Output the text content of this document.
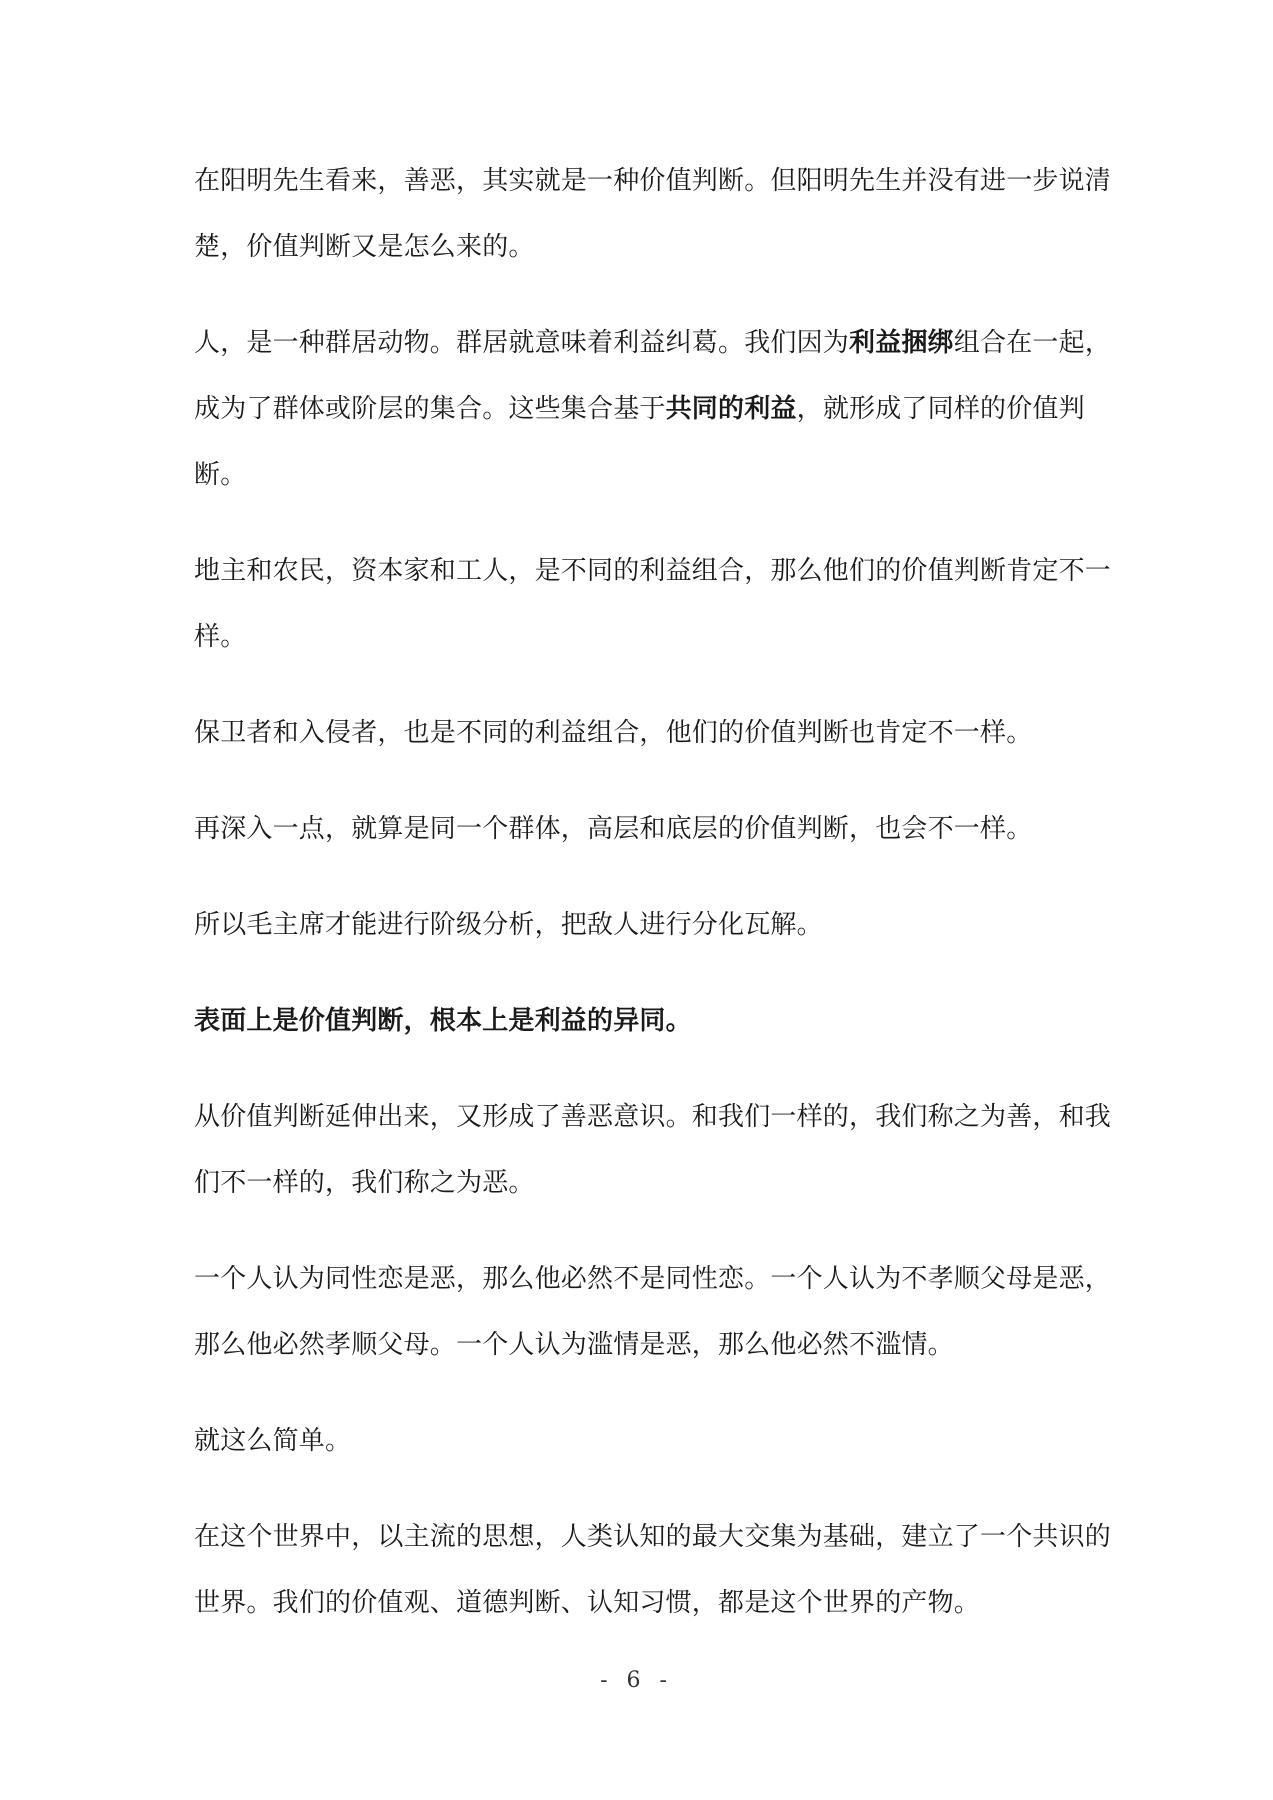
在阳明先生看来，善恶，其实就是一种价值判断。但阳明先生并没有进一步说清楚，价值判断又是怎么来的。

人，是一种群居动物。群居就意味着利益纠葛。我们因为利益捆绑组合在一起，成为了群体或阶层的集合。这些集合基于共同的利益，就形成了同样的价值判断。

地主和农民，资本家和工人，是不同的利益组合，那么他们的价值判断肯定不一样。

保卫者和入侵者，也是不同的利益组合，他们的价值判断也肯定不一样。

再深入一点，就算是同一个群体，高层和底层的价值判断，也会不一样。

所以毛主席才能进行阶级分析，把敌人进行分化瓦解。

表面上是价值判断，根本上是利益的异同。

从价值判断延伸出来，又形成了善恶意识。和我们一样的，我们称之为善，和我们不一样的，我们称之为恶。

一个人认为同性恋是恶，那么他必然不是同性恋。一个人认为不孝顺父母是恶，那么他必然孝顺父母。一个人认为滥情是恶，那么他必然不滥情。

就这么简单。

在这个世界中，以主流的思想，人类认知的最大交集为基础，建立了一个共识的世界。我们的价值观、道德判断、认知习惯，都是这个世界的产物。

- 6 -
